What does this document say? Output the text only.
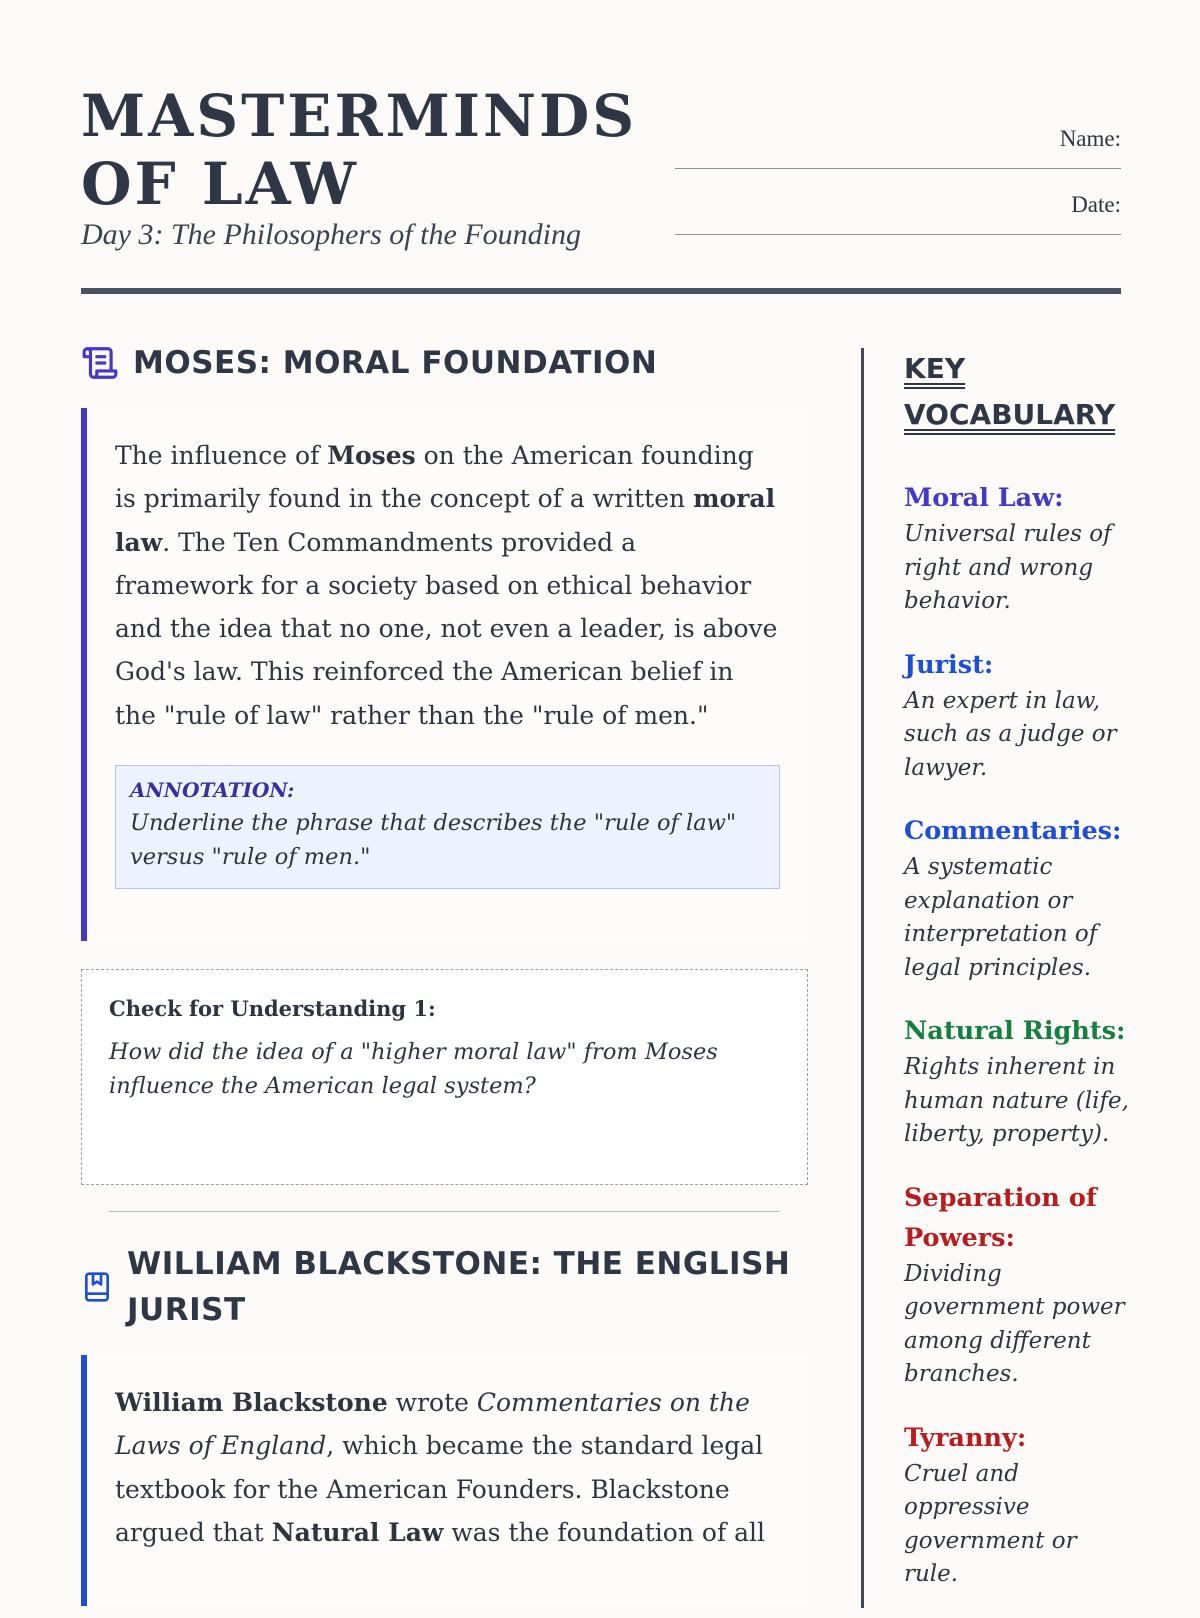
MASTERMINDS OF LAW
Day 3: The Philosophers of the Founding
Name:
Date:
MOSES: MORAL FOUNDATION

The influence of Moses on the American founding is primarily found in the concept of a written moral law. The Ten Commandments provided a framework for a society based on ethical behavior and the idea that no one, not even a leader, is above God's law. This reinforced the American belief in the "rule of law" rather than the "rule of men."

ANNOTATION:
Underline the phrase that describes the "rule of law" versus "rule of men."
Check for Understanding 1:
How did the idea of a "higher moral law" from Moses influence the American legal system?
WILLIAM BLACKSTONE: THE ENGLISH JURIST

William Blackstone wrote Commentaries on the Laws of England, which became the standard legal textbook for the American Founders. Blackstone argued that Natural Law was the foundation of all

KEY VOCABULARY
Moral Law:
Universal rules of right and wrong behavior.
Jurist:
An expert in law, such as a judge or lawyer.
Commentaries:
A systematic explanation or interpretation of legal principles.
Natural Rights:
Rights inherent in human nature (life, liberty, property).
Separation of Powers:
Dividing government power among different branches.
Tyranny:
Cruel and oppressive government or rule.
